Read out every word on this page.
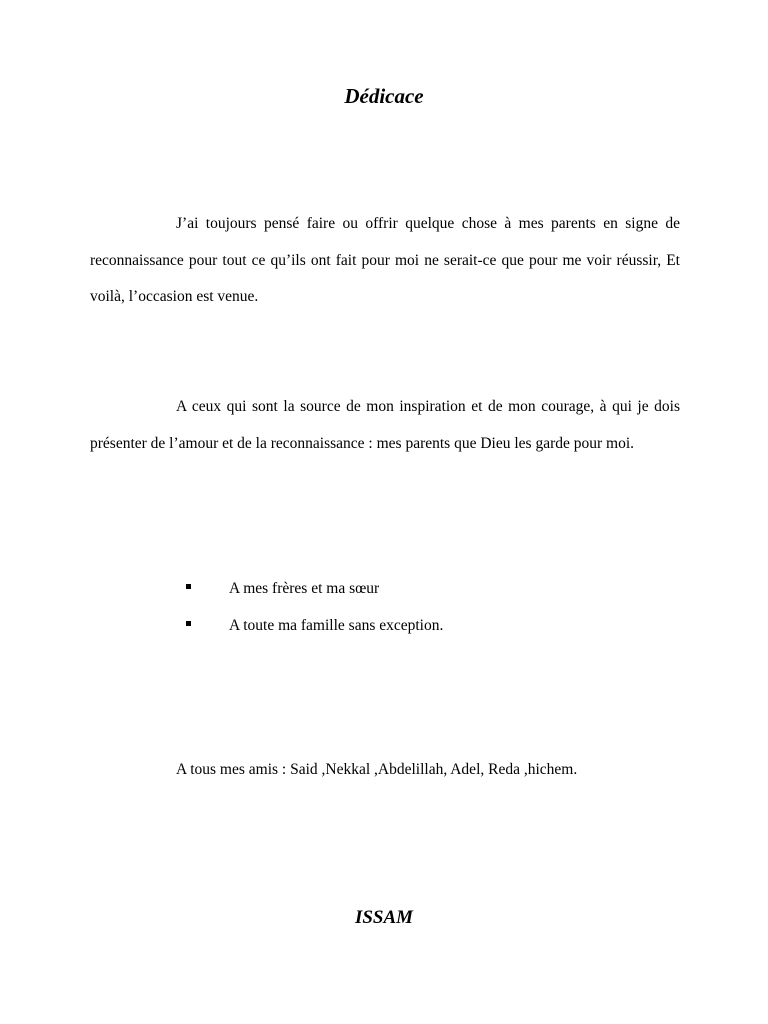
Dédicace

J’ai toujours pensé faire ou offrir quelque chose à mes parents en signe de reconnaissance pour tout ce qu’ils ont fait pour moi ne serait-ce que pour me voir réussir, Et voilà, l’occasion est venue.

A ceux qui sont la source de mon inspiration et de mon courage, à qui je dois présenter de l’amour et de la reconnaissance : mes parents que Dieu les garde pour moi.

A mes frères et ma sœur
A toute ma famille sans exception.

A tous mes amis : Said ,Nekkal ,Abdelillah, Adel, Reda ,hichem.

ISSAM
